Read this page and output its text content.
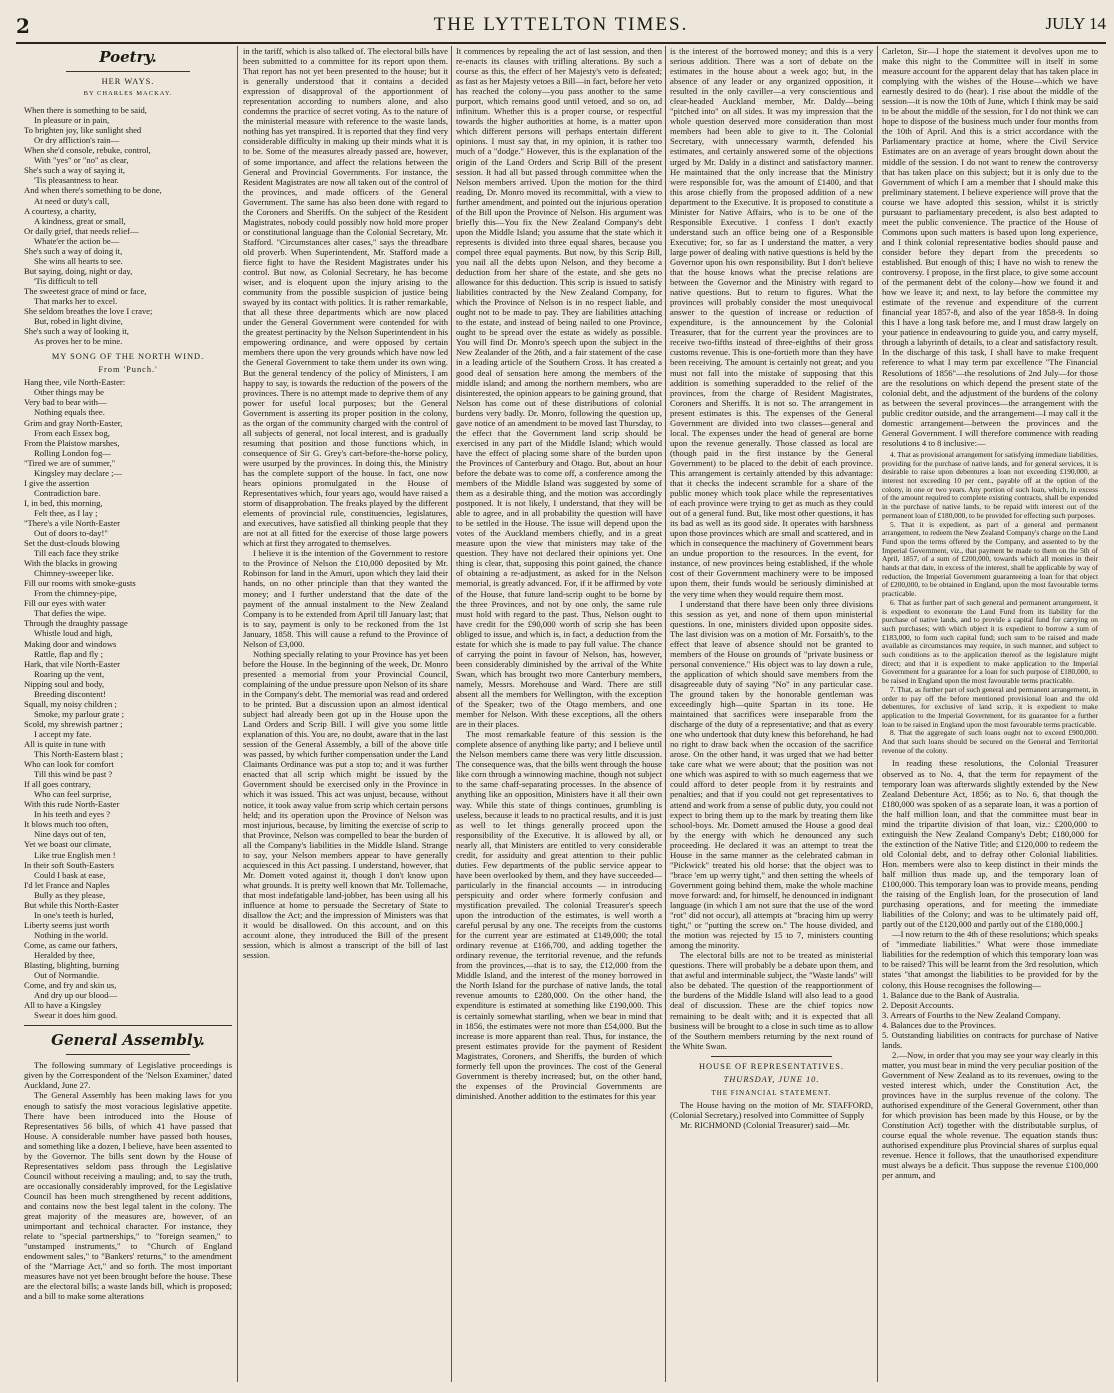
2	THE LYTTELTON TIMES.	JULY 14
Poetry.
HER WAYS.
BY CHARLES MACKAY.
When there is something to be said,
In pleasure or in pain,
To brighten joy, like sunlight shed
Or dry affliction's rain—
When she'd console, rebuke, control,
With "yes" or "no" as clear,
She's such a way of saying it,
'Tis pleasantness to hear.
And when there's something to be done,
At need or duty's call,
A courtesy, a charity,
A kindness, great or small,
Or daily grief, that needs relief—
Whate'er the action be—
She's such a way of doing it,
She wins all hearts to see.
But saying, doing, night or day,
'Tis difficult to tell
The sweetest grace of mind or face,
That marks her to excel.
She seldom breathes the love I crave;
But, robed in light divine,
She's such a way of looking it,
As proves her to be mine.
MY SONG OF THE NORTH WIND.
From 'Punch.'
Hang thee, vile North-Easter:
Other things may be
Very bad to bear with—
Nothing equals thee.
Grim and gray North-Easter,
From each Essex bog,
From the Plaistow marshes,
Rolling London fog—
"Tired we are of summer,"
Kingsley may declare ;—
I give the assertion
Contradiction bare.
I, in bed, this morning,
Felt thee, as I lay ;
"There's a vile North-Easter
Out of doors to-day!"
Set the dust-clouds blowing
Till each face they strike
With the blacks in growing
Chimney-sweeper like.
Fill our rooms with smoke-gusts
From the chimney-pipe,
Fill our eyes with water
That defies the wipe.
Through the draughty passage
Whistle loud and high,
Making door and windows
Rattle, flap and fly ;
Hark, that vile North-Easter
Roaring up the vent,
Nipping soul and body,
Breeding discontent!
Squall, my noisy children ;
Smoke, my parlour grate ;
Scold, my shrewish partner ;
I accept my fate.
All is quite in tune with
This North-Eastern blast ;
Who can look for comfort
Till this wind be past ?
If all goes contrary,
Who can feel surprise,
With this rude North-Easter
In his teeth and eyes ?
It blows much too often,
Nine days out of ten,
Yet we boast our climate,
Like true English men !
In their soft South-Easters
Could I bask at ease,
I'd let France and Naples
Bully as they please,
But while this North-Easter
In one's teeth is hurled,
Liberty seems just worth
Nothing in the world.
Come, as came our fathers,
Heralded by thee,
Blasting, blighting, burning
Out of Normandie.
Come, and fry and skin us,
And dry up our blood—
All to have a Kingsley
Swear it does him good.
General Assembly.

The following summary of Legislative proceedings is given by the Correspondent of the 'Nelson Examiner,' dated Auckland, June 27.

The General Assembly has been making laws for you enough to satisfy the most voracious legislative appetite. There have been introduced into the House of Representatives 56 bills, of which 41 have passed that House. A considerable number have passed both houses, and something like a dozen, I believe, have been assented to by the Governor. The bills sent down by the House of Representatives seldom pass through the Legislative Council without receiving a mauling; and, to say the truth, are occasionally considerably improved, for the Legislative Council has been much strengthened by recent additions, and contains now the best legal talent in the colony. The great majority of the measures are, however, of an unimportant and technical character. For instance, they relate to "special partnerships," to "foreign seamen," to "unstamped instruments," to "Church of England endowment sales," to "Bankers' returns," to the amendment of the "Marriage Act," and so forth. The most important measures have not yet been brought before the house. These are the electoral bills; a waste lands bill, which is proposed; and a bill to make some alterations

in the tariff, which is also talked of. The electoral bills have been submitted to a committee for its report upon them. That report has not yet been presented to the house; but it is generally understood that it contains a decided expression of disapproval of the apportionment of representation according to numbers alone, and also condemns the practice of secret voting. As to the nature of the ministerial measure with reference to the waste lands, nothing has yet transpired. It is reported that they find very considerable difficulty in making up their minds what it is to be. Some of the measures already passed are, however, of some importance, and affect the relations between the General and Provincial Governments. For instance, the Resident Magistrates are now all taken out of the control of the provinces, and made officers of the General Government. The same has also been done with regard to the Coroners and Sheriffs. On the subject of the Resident Magistrates, nobody could possibly now hold more proper or constitutional language than the Colonial Secretary, Mr. Stafford. "Circumstances alter cases," says the threadbare old proverb. When Superintendent, Mr. Stafford made a fierce fight to have the Resident Magistrates under his control. But now, as Colonial Secretary, he has become wiser, and is eloquent upon the injury arising to the community from the possible suspicion of justice being swayed by its contact with politics. It is rather remarkable, that all these three departments which are now placed under the General Government were contended for with the greatest pertinacity by the Nelson Superintendent in his empowering ordinance, and were opposed by certain members there upon the very grounds which have now led the General Government to take them under its own wing. But the general tendency of the policy of Ministers, I am happy to say, is towards the reduction of the powers of the provinces. There is no attempt made to deprive them of any power for useful local purposes; but the General Government is asserting its proper position in the colony, as the organ of the community charged with the control of all subjects of general, not local interest, and is gradually resuming that position and those functions which, in consequence of Sir G. Grey's cart-before-the-horse policy, were usurped by the provinces. In doing this, the Ministry has the complete support of the house. In fact, one now hears opinions promulgated in the House of Representatives which, four years ago, would have raised a storm of disapprobation. The freaks played by the different elements of provincial rule, constituencies, legislatures, and executives, have satisfied all thinking people that they are not at all fitted for the exercise of those large powers which at first they arrogated to themselves.

I believe it is the intention of the Government to restore to the Province of Nelson the £10,000 deposited by Mr. Robinson for land in the Amuri, upon which they laid their hands, on no other principle than that they wanted the money; and I further understand that the date of the payment of the annual instalment to the New Zealand Company is to be extended from April till January last; that is to say, payment is only to be reckoned from the 1st January, 1858. This will cause a refund to the Province of Nelson of £3,000.

Nothing specially relating to your Province has yet been before the House. In the beginning of the week, Dr. Monro presented a memorial from your Provincial Council, complaining of the undue pressure upon Nelson of its share in the Company's debt. The memorial was read and ordered to be printed. But a discussion upon an almost identical subject had already been got up in the House upon the Land Orders and Scrip Bill. I will give you some little explanation of this. You are, no doubt, aware that in the last session of the General Assembly, a bill of the above title was passed, by which further compensation under the Land Claimants Ordinance was put a stop to; and it was further enacted that all scrip which might be issued by the Government should be exercised only in the Province in which it was issued. This act was unjust, because, without notice, it took away value from scrip which certain persons held; and its operation upon the Province of Nelson was most injurious, because, by limiting the exercise of scrip to that Province, Nelson was compelled to bear the burden of all the Company's liabilities in the Middle Island. Strange to say, your Nelson members appear to have generally acquiesced in this Act passing. I understand, however, that Mr. Domett voted against it, though I don't know upon what grounds. It is pretty well known that Mr. Tollemache, that most indefatigable land-jobber, has been using all his influence at home to persuade the Secretary of State to disallow the Act; and the impression of Ministers was that it would be disallowed. On this account, and on this account alone, they introduced the Bill of the present session, which is almost a transcript of the bill of last session.

It commences by repealing the act of last session, and then re-enacts its clauses with trifling alterations. By such a course as this, the effect of her Majesty's veto is defeated; as fast as her Majesty vetoes a Bill—in fact, before her veto has reached the colony—you pass another to the same purport, which remains good until vetoed, and so on, ad infinitum. Whether this is a proper course, or respectful towards the higher authorities at home, is a matter upon which different persons will perhaps entertain different opinions. I must say that, in my opinion, it is rather too much of a "dodge." However, this is the explanation of the origin of the Land Orders and Scrip Bill of the present session. It had all but passed through committee when the Nelson members arrived. Upon the motion for the third reading, Dr. Monro moved its recommittal, with a view to further amendment, and pointed out the injurious operation of the Bill upon the Province of Nelson. His argument was briefly this—You fix the New Zealand Company's debt upon the Middle Island; you assume that the state which it represents is divided into three equal shares, because you compel three equal payments. But now, by this Scrip Bill, you nail all the debts upon Nelson, and they become a deduction from her share of the estate, and she gets no allowance for this deduction. This scrip is issued to satisfy liabilities contracted by the New Zealand Company, for which the Province of Nelson is in no respect liable, and ought not to be made to pay. They are liabilities attaching to the estate, and instead of being nailed to one Province, ought to be spread over the estate as widely as possible. You will find Dr. Monro's speech upon the subject in the New Zealander of the 26th, and a fair statement of the case in a leading article of the Southern Cross. It has created a good deal of sensation here among the members of the middle island; and among the northern members, who are disinterested, the opinion appears to be gaining ground, that Nelson has come out of these distributions of colonial burdens very badly. Dr. Monro, following the question up, gave notice of an amendment to be moved last Thursday, to the effect that the Government land scrip should be exercised in any part of the Middle Island; which would have the effect of placing some share of the burden upon the Provinces of Canterbury and Otago. But, about an hour before the debate was to come off, a conference among the members of the Middle Island was suggested by some of them as a desirable thing, and the motion was accordingly postponed. It is not likely, I understand, that they will be able to agree, and in all probability the question will have to be settled in the House. The issue will depend upon the votes of the Auckland members chiefly, and in a great measure upon the view that ministers may take of the question. They have not declared their opinions yet. One thing is clear, that, supposing this point gained, the chance of obtaining a re-adjustment, as asked for in the Nelson memorial, is greatly advanced. For, if it be affirmed by vote of the House, that future land-scrip ought to be borne by the three Provinces, and not by one only, the same rule must hold with regard to the past. Thus, Nelson ought to have credit for the £90,000 worth of scrip she has been obliged to issue, and which is, in fact, a deduction from the estate for which she is made to pay full value. The chance of carrying the point in favour of Nelson, has, however, been considerably diminished by the arrival of the White Swan, which has brought two more Canterbury members, namely, Messrs. Morehouse and Ward. There are still absent all the members for Wellington, with the exception of the Speaker; two of the Otago members, and one member for Nelson. With these exceptions, all the others are in their places.

The most remarkable feature of this session is the complete absence of anything like party; and I believe until the Nelson members came there was very little discussion. The consequence was, that the bills went through the house like corn through a winnowing machine, though not subject to the same chaff-separating processes. In the absence of anything like an opposition, Ministers have it all their own way. While this state of things continues, grumbling is useless, because it leads to no practical results, and it is just as well to let things generally proceed upon the responsibility of the Executive. It is allowed by all, or nearly all, that Ministers are entitled to very considerable credit, for assiduity and great attention to their public duties. Few departments of the public service appear to have been overlooked by them, and they have succeeded—particularly in the financial accounts — in introducing perspicuity and order where formerly confusion and mystification prevailed. The colonial Treasurer's speech upon the introduction of the estimates, is well worth a careful perusal by any one. The receipts from the customs for the current year are estimated at £149,000; the total ordinary revenue at £166,700, and adding together the ordinary revenue, the territorial revenue, and the refunds from the provinces,—that is to say, the £12,000 from the Middle Island, and the interest of the money borrowed in the North Island for the purchase of native lands, the total revenue amounts to £280,000. On the other hand, the expenditure is estimated at something like £190,000. This is certainly somewhat startling, when we bear in mind that in 1856, the estimates were not more than £54,000. But the increase is more apparent than real. Thus, for instance, the present estimates provide for the payment of Resident Magistrates, Coroners, and Sheriffs, the burden of which formerly fell upon the provinces. The cost of the General Government is thereby increased; but, on the other hand, the expenses of the Provincial Governments are diminished. Another addition to the estimates for this year

is the interest of the borrowed money; and this is a very serious addition. There was a sort of debate on the estimates in the house about a week ago; but, in the absence of any leader or any organized opposition, it resulted in the only caviller—a very conscientious and clear-headed Auckland member, Mr. Daldy—being "pitched into" on all sides. It was my impression that the whole question deserved more consideration than most members had been able to give to it. The Colonial Secretary, with unnecessary warmth, defended his estimates, and certainly answered some of the objections urged by Mr. Daldy in a distinct and satisfactory manner. He maintained that the only increase that the Ministry were responsible for, was the amount of £1400, and that this arose chiefly from the proposed addition of a new department to the Executive. It is proposed to constitute a Minister for Native Affairs, who is to be one of the Responsible Executive. I confess I don't exactly understand such an office being one of a Responsible Executive; for, so far as I understand the matter, a very large power of dealing with native questions is held by the Governor upon his own responsibility. But I don't believe that the house knows what the precise relations are between the Governor and the Ministry with regard to native questions. But to return to figures. What the provinces will probably consider the most unequivocal answer to the question of increase or reduction of expenditure, is the announcement by the Colonial Treasurer, that for the current year the provinces are to receive two-fifths instead of three-eighths of their gross customs revenue. This is one-fortieth more than they have been receiving. The amount is certainly not great; and you must not fall into the mistake of supposing that this addition is something superadded to the relief of the provinces, from the charge of Resident Magistrates, Coroners and Sheriffs. It is not so. The arrangement in present estimates is this. The expenses of the General Government are divided into two classes—general and local. The expenses under the head of general are borne upon the revenue generally. Those classed as local are (though paid in the first instance by the General Government) to be placed to the debit of each province. This arrangement is certainly attended by this advantage: that it checks the indecent scramble for a share of the public money which took place while the representatives of each province were trying to get as much as they could out of a general fund. But, like most other questions, it has its bad as well as its good side. It operates with harshness upon those provinces which are small and scattered, and in which in consequence the machinery of Government bears an undue proportion to the resources. In the event, for instance, of new provinces being established, if the whole cost of their Government machinery were to be imposed upon them, their funds would be seriously diminished at the very time when they would require them most.

I understand that there have been only three divisions this session as yet, and none of them upon ministerial questions. In one, ministers divided upon opposite sides. The last division was on a motion of Mr. Forsaith's, to the effect that leave of absence should not be granted to members of the House on grounds of "private business or personal convenience." His object was to lay down a rule, the application of which should save members from the disagreeable duty of saying "No" in any particular case. The ground taken by the honorable gentleman was exceedingly high—quite Spartan in its tone. He maintained that sacrifices were inseparable from the discharge of the duty of a representative; and that as every one who undertook that duty knew this beforehand, he had no right to draw back when the occasion of the sacrifice arose. On the other hand, it was urged that we had better take care what we were about; that the position was not one which was aspired to with so much eagerness that we could afford to deter people from it by restraints and penalties; and that if you could not get representatives to attend and work from a sense of public duty, you could not expect to bring them up to the mark by treating them like school-boys. Mr. Domett amused the House a good deal by the energy with which he denounced any such proceeding. He declared it was an attempt to treat the House in the same manner as the celebrated cabman in "Pickwick" treated his old horse: that the object was to "brace 'em up werry tight," and then setting the wheels of Government going behind them, make the whole machine move forward: and, for himself, he denounced in indignant language (in which I am not sure that the use of the word "rot" did not occur), all attempts at "bracing him up werry tight," or "putting the screw on." The house divided, and the motion was rejected by 15 to 7, ministers counting among the minority.

The electoral bills are not to be treated as ministerial questions. There will probably be a debate upon them, and that awful and interminable subject, the "Waste lands" will also be debated. The question of the reapportionment of the burdens of the Middle Island will also lead to a good deal of discussion. These are the chief topics now remaining to be dealt with; and it is expected that all business will be brought to a close in such time as to allow of the Southern members returning by the next round of the White Swan.

HOUSE OF REPRESENTATIVES.
THURSDAY, JUNE 10.
THE FINANCIAL STATEMENT.

The House having on the motion of Mr. STAFFORD, (Colonial Secretary,) resolved into Committee of Supply

Mr. RICHMOND (Colonial Treasurer) said—Mr.

Carleton, Sir—I hope the statement it devolves upon me to make this night to the Committee will in itself in some measure account for the apparent delay that has taken place in complying with the wishes of the House—which we have earnestly desired to do (hear). I rise about the middle of the session—it is now the 10th of June, which I think may be said to be about the middle of the session, for I do not think we can hope to dispose of the business much under four months from the 10th of April. And this is a strict accordance with the Parliamentary practice at home, where the Civil Service Estimates are on an average of years brought down about the middle of the session. I do not want to renew the controversy that has taken place on this subject; but it is only due to the Government of which I am a member that I should make this preliminary statement. I believe experience will prove that the course we have adopted this session, whilst it is strictly pursuant to parliamentary precedent, is also best adapted to meet the public convenience. The practice of the House of Commons upon such matters is based upon long experience, and I think colonial representative bodies should pause and consider before they depart from the precedents so established. But enough of this; I have no wish to renew the controversy. I propose, in the first place, to give some account of the permanent debt of the colony—how we found it and how we leave it; and next, to lay before the committee my estimate of the revenue and expenditure of the current financial year 1857-8, and also of the year 1858-9. In doing this I have a long task before me, and I must draw largely on your patience in endeavouring to guide you, and carry myself, through a labyrinth of details, to a clear and satisfactory result. In the discharge of this task, I shall have to make frequent reference to what I may term par excellence "The Financial Resolutions of 1856"—the resolutions of 2nd July—for those are the resolutions on which depend the present state of the colonial debt, and the adjustment of the burdens of the colony as between the several provinces—the arrangement with the public creditor outside, and the arrangement—I may call it the domestic arrangement—between the provinces and the General Government. I will therefore commence with reading resolutions 4 to 8 inclusive:—

4. That as provisional arrangement for satisfying immediate liabilities, providing for the purchase of native lands, and for general services, it is desirable to raise upon debentures a loan not exceeding £190,000, at interest not exceeding 10 per cent., payable off at the option of the colony, in one or two years. Any portion of such loan, which, in excess of the amount required to complete existing contracts, shall be expended in the purchase of native lands, to be repaid with interest out of the permanent loan of £180,000, to be provided for effecting such purposes.

5. That it is expedient, as part of a general and permanent arrangement, to redeem the New Zealand Company's charge on the Land Fund upon the terms offered by the Company, and assented to by the Imperial Government, viz., that payment be made to them on the 5th of April, 1857, of a sum of £200,000, towards which all monies in their hands at that date, in excess of the interest, shall be applicable by way of reduction, the Imperial Government guaranteeing a loan for that object of £200,000, to be obtained in England, upon the most favourable terms practicable.

6. That as further part of such general and permanent arrangement, it is expedient to exonerate the Land Fund from its liability for the purchase of native lands, and to provide a capital fund for carrying on such purchases; with which object it is expedient to borrow a sum of £183,000, to form such capital fund; such sum to be raised and made available as circumstances may require, in such manner, and subject to such conditions as to the application thereof as the legislature might direct; and that it is expedient to make application to the Imperial Government for a guarantee for a loan for such purpose of £180,000, to be raised in England upon the most favourable terms practicable.

7. That, as further part of such general and permanent arrangement, in order to pay off the before mentioned provisional loan and the old debentures, for exclusive of land scrip, it is expedient to make application to the Imperial Government, for its guarantee for a further loan to be raised in England upon the most favourable terms practicable.

8. That the aggregate of such loans ought not to exceed £900,000. And that such loans should be secured on the General and Territorial revenue of the colony.

In reading these resolutions, the Colonial Treasurer observed as to No. 4, that the term for repayment of the temporary loan was afterwards slightly extended by the New Zealand Debenture Act, 1856; as to No. 6, that though the £180,000 was spoken of as a separate loan, it was a portion of the half million loan, and that the committee must bear in mind the tripartite division of that loan, viz.: £200,000 to extinguish the New Zealand Company's Debt; £180,000 for the extinction of the Native Title; and £120,000 to redeem the old Colonial debt, and to defray other Colonial liabilities. Hon. members were also to keep distinct in their minds the half million thus made up, and the temporary loan of £100,000. This temporary loan was to provide means, pending the raising of the English loan, for the prosecution of land purchasing operations, and for meeting the immediate liabilities of the Colony; and was to be ultimately paid off, partly out of the £120,000 and partly out of the £180,000.]

—I now return to the 4th of these resolutions; which speaks of "immediate liabilities." What were those immediate liabilities for the redemption of which this temporary loan was to be raised? This will be learnt from the 3rd resolution, which states "that amongst the liabilities to be provided for by the colony, this House recognises the following—

1. Balance due to the Bank of Australia.

2. Deposit Accounts.

3. Arrears of Fourths to the New Zealand Company.

4. Balances due to the Provinces.

5. Outstanding liabilities on contracts for purchase of Native lands.

2.—Now, in order that you may see your way clearly in this matter, you must bear in mind the very peculiar position of the Government of New Zealand as to its revenues, owing to the vested interest which, under the Constitution Act, the provinces have in the surplus revenue of the colony. The authorised expenditure of the General Government, other than for which provision has been made by this House, or by the Constitution Act) together with the distributable surplus, of course equal the whole revenue. The equation stands thus: authorised expenditure plus Provincial shares of surplus equal revenue. Hence it follows, that the unauthorised expenditure must always be a deficit. Thus suppose the revenue £100,000 per annum, and
